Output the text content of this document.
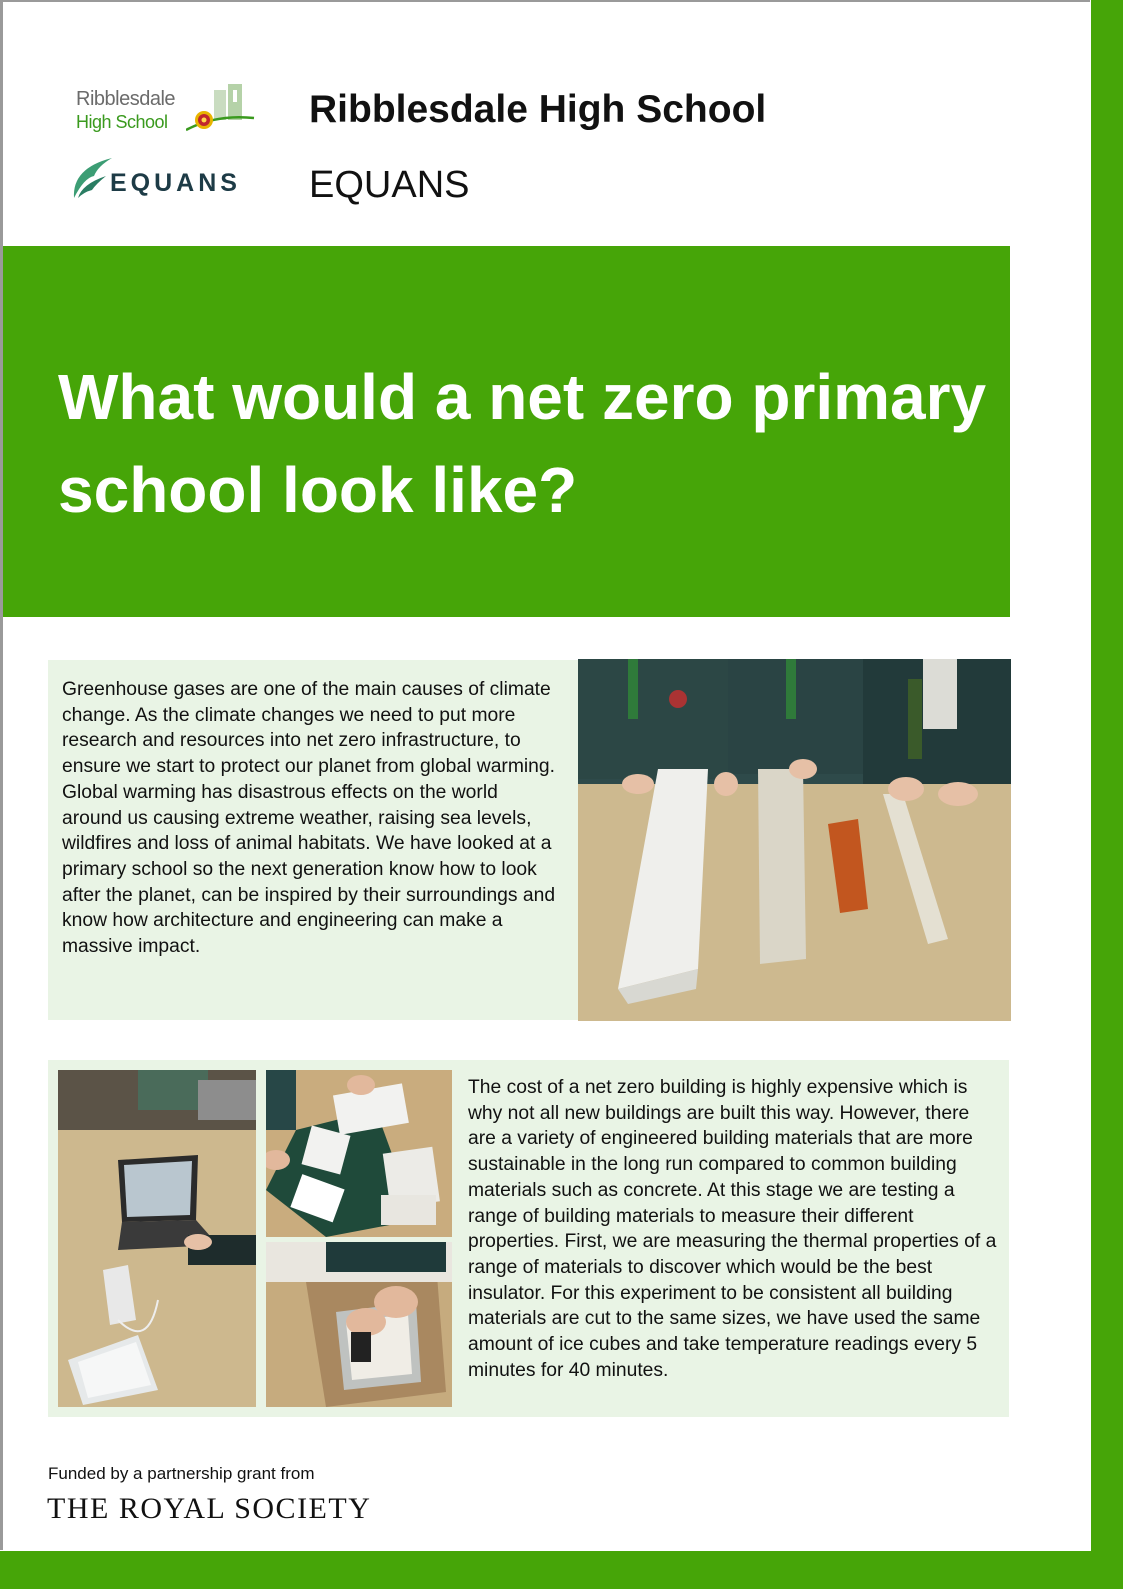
Ribblesdale
High School
EQUANS
Ribblesdale High School
EQUANS
What would a net zero primary school look like?

Greenhouse gases are one of the main causes of climate change. As the climate changes we need to put more research and resources into net zero infrastructure, to ensure we start to protect our planet from global warming. Global warming has disastrous effects on the world around us causing extreme weather, raising sea levels, wildfires and loss of animal habitats. We have looked at a primary school so the next generation know how to look after the planet, can be inspired by their surroundings and know how architecture and engineering can make a massive impact.

The cost of a net zero building is highly expensive which is why not all new buildings are built this way. However, there are a variety of engineered building materials that are more sustainable in the long run compared to common building materials such as concrete. At this stage we are testing a range of building materials to measure their different properties. First, we are measuring the thermal properties of a range of materials to discover which would be the best insulator. For this experiment to be consistent all building materials are cut to the same sizes, we have used the same amount of ice cubes and take temperature readings every 5 minutes for 40 minutes.

Funded by a partnership grant from
THE ROYAL SOCIETY
